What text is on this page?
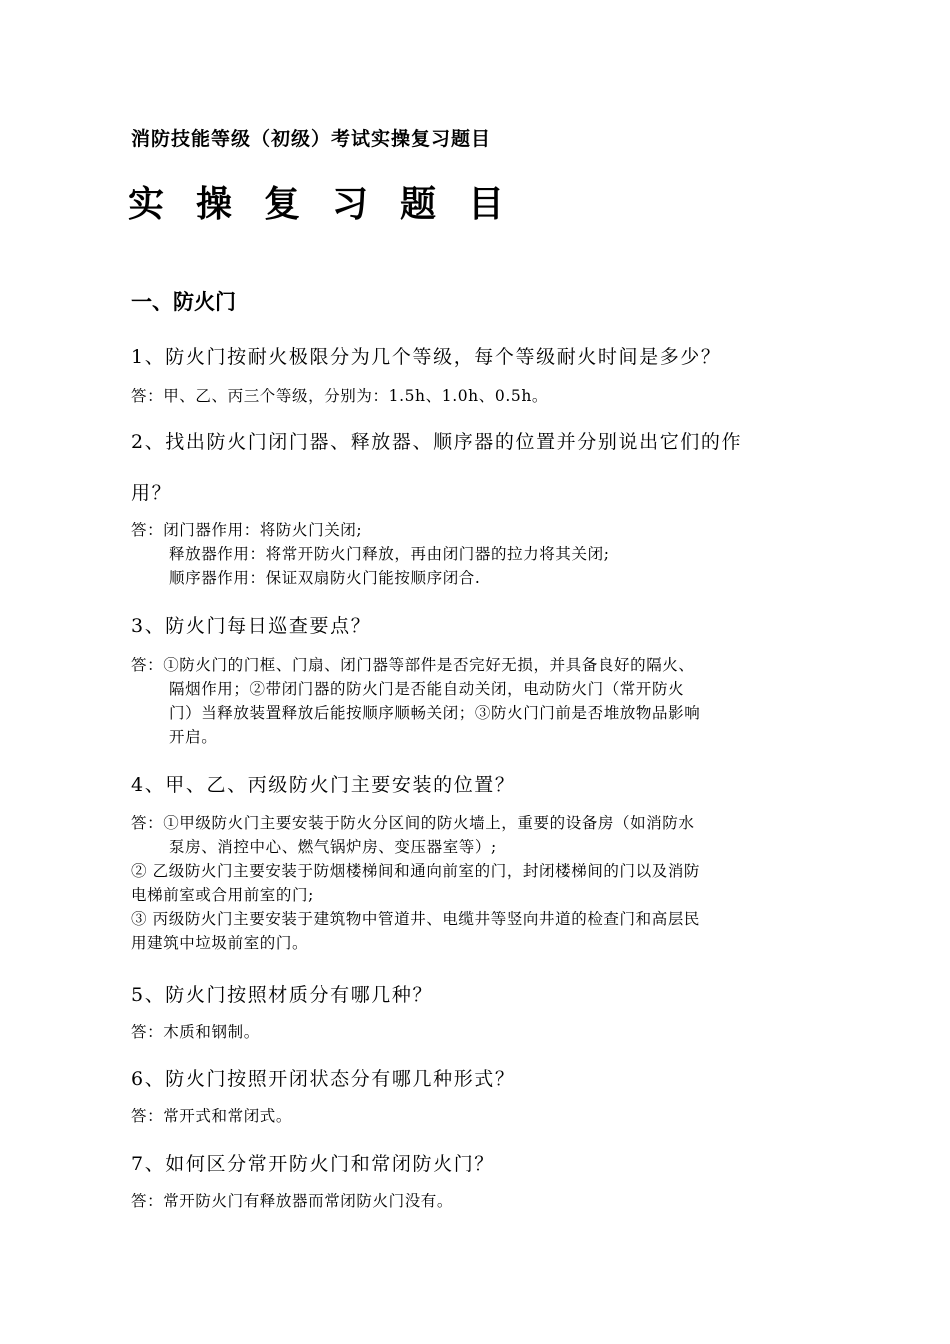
消防技能等级（初级）考试实操复习题目
实 操 复 习 题 目
一、防火门
1、防火门按耐火极限分为几个等级，每个等级耐火时间是多少？
答：甲、乙、丙三个等级，分别为：1.5h、1.0h、0.5h。
2、找出防火门闭门器、释放器、顺序器的位置并分别说出它们的作
用？
答：闭门器作用：将防火门关闭;
释放器作用：将常开防火门释放，再由闭门器的拉力将其关闭;
顺序器作用：保证双扇防火门能按顺序闭合.
3、防火门每日巡查要点？
答：①防火门的门框、门扇、闭门器等部件是否完好无损，并具备良好的隔火、
隔烟作用；②带闭门器的防火门是否能自动关闭，电动防火门（常开防火
门）当释放装置释放后能按顺序顺畅关闭；③防火门门前是否堆放物品影响
开启。
4、甲、乙、丙级防火门主要安装的位置？
答：①甲级防火门主要安装于防火分区间的防火墙上，重要的设备房（如消防水
泵房、消控中心、燃气锅炉房、变压器室等）;
② 乙级防火门主要安装于防烟楼梯间和通向前室的门，封闭楼梯间的门以及消防
电梯前室或合用前室的门;
③ 丙级防火门主要安装于建筑物中管道井、电缆井等竖向井道的检查门和高层民
用建筑中垃圾前室的门。
5、防火门按照材质分有哪几种？
答：木质和钢制。
6、防火门按照开闭状态分有哪几种形式？
答：常开式和常闭式。
7、如何区分常开防火门和常闭防火门？
答：常开防火门有释放器而常闭防火门没有。
